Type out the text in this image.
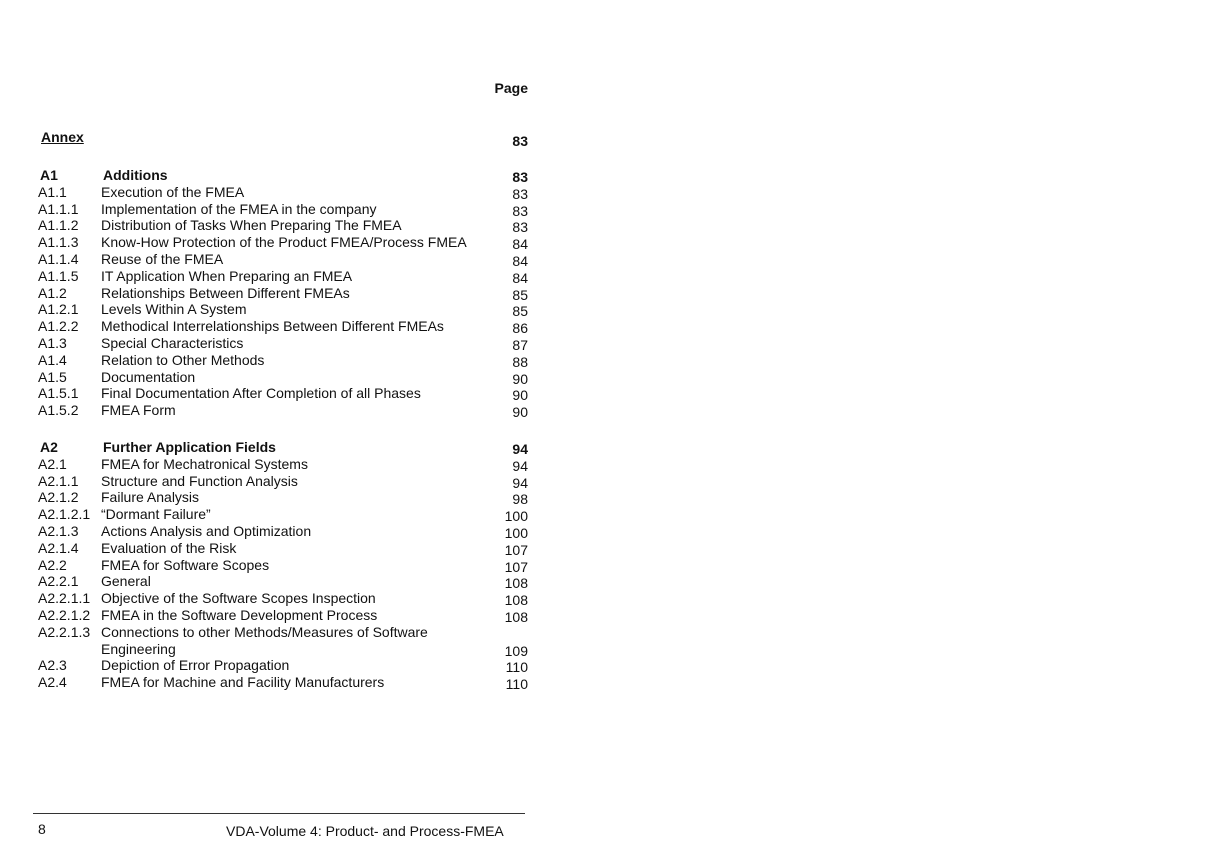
Page
Annex	83
A1	Additions	83
A1.1 Execution of the FMEA	83
A1.1.1 Implementation of the FMEA in the company	83
A1.1.2 Distribution of Tasks When Preparing The FMEA	83
A1.1.3 Know-How Protection of the Product FMEA/Process FMEA	84
A1.1.4 Reuse of the FMEA	84
A1.1.5 IT Application When Preparing an FMEA	84
A1.2 Relationships Between Different FMEAs	85
A1.2.1 Levels Within A System	85
A1.2.2 Methodical Interrelationships Between Different FMEAs	86
A1.3 Special Characteristics	87
A1.4 Relation to Other Methods	88
A1.5 Documentation	90
A1.5.1 Final Documentation After Completion of all Phases	90
A1.5.2 FMEA Form	90
A2	Further Application Fields	94
A2.1 FMEA for Mechatronical Systems	94
A2.1.1 Structure and Function Analysis	94
A2.1.2 Failure Analysis	98
A2.1.2.1 “Dormant Failure”	100
A2.1.3 Actions Analysis and Optimization	100
A2.1.4 Evaluation of the Risk	107
A2.2 FMEA for Software Scopes	107
A2.2.1 General	108
A2.2.1.1 Objective of the Software Scopes Inspection	108
A2.2.1.2 FMEA in the Software Development Process	108
A2.2.1.3 Connections to other Methods/Measures of Software
Engineering	109
A2.3 Depiction of Error Propagation	110
A2.4 FMEA for Machine and Facility Manufacturers	110
8	VDA-Volume 4: Product- and Process-FMEA
